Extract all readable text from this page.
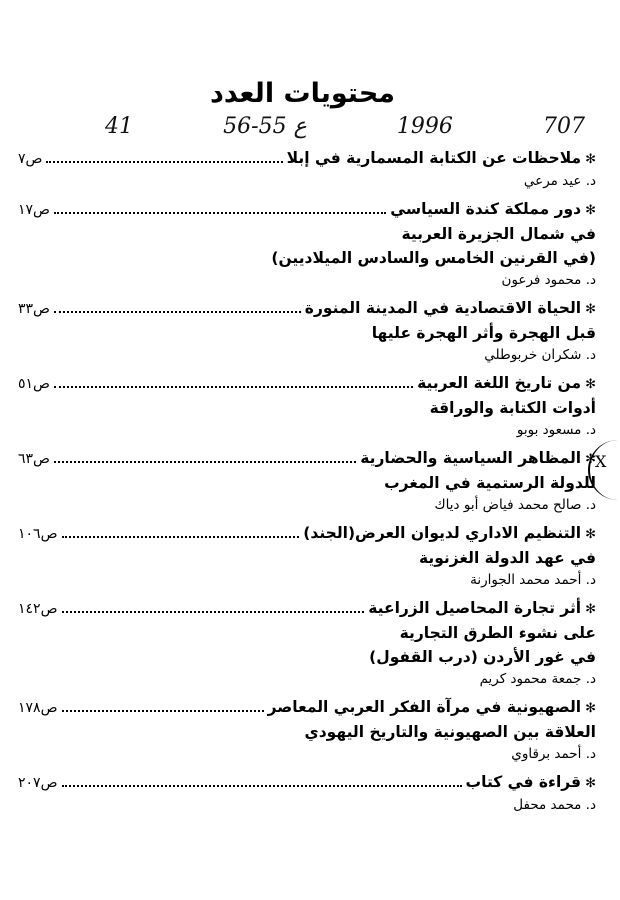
محتويات العدد
41	56-55 ع	1996	707
✻
ملاحظات عن الكتابة المسمارية في إبلا
ص٧
د. عيد مرعي
✻
دور مملكة كندة السياسي
ص١٧
في شمال الجزيرة العربية
(في القرنين الخامس والسادس الميلاديين)
د. محمود فرعون
✻
الحياة الاقتصادية في المدينة المنورة
ص٣٣
قبل الهجرة وأثر الهجرة عليها
د. شكران خربوطلي
✻
من تاريخ اللغة العربية
ص٥١
أدوات الكتابة والوراقة
د. مسعود بوبو
✻
المظاهر السياسية والحضارية
ص٦٣
للدولة الرستمية في المغرب
د. صالح محمد فياض أبو دياك
✻
التنظيم الاداري لديوان العرض(الجند)
ص١٠٦
في عهد الدولة الغزنوية
د. أحمد محمد الجوارنة
✻
أثر تجارة المحاصيل الزراعية
ص١٤٢
على نشوء الطرق التجارية
في غور الأردن (درب القفول)
د. جمعة محمود كريم
✻
الصهيونية في مرآة الفكر العربي المعاصر
ص١٧٨
العلاقة بين الصهيونية والتاريخ اليهودي
د. أحمد برقاوي
✻
قراءة في كتاب
ص٢٠٧
د. محمد محفل
X
